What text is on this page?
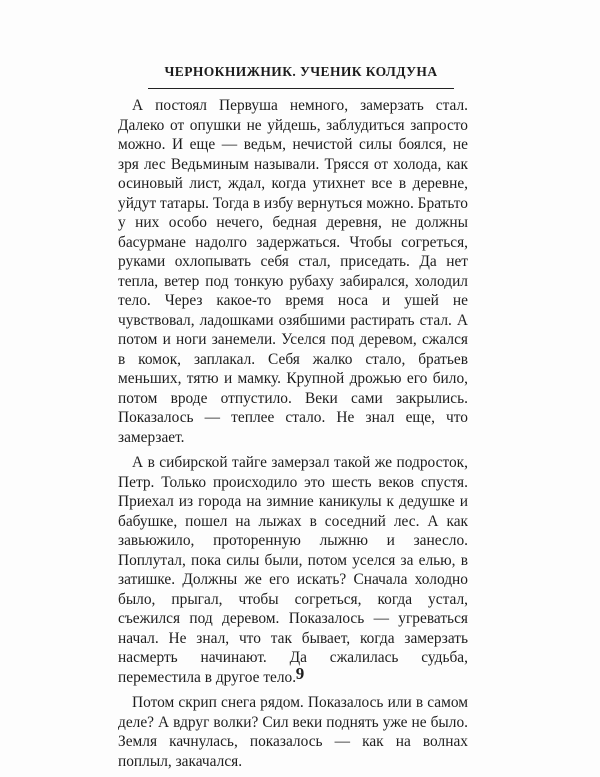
ЧЕРНОКНИЖНИК. УЧЕНИК КОЛДУНА

А постоял Первуша немного, замерзать стал. Далеко от опушки не уйдешь, заблудиться запросто можно. И еще — ведьм, нечистой силы боялся, не зря лес Ведьминым называли. Трясся от холода, как осиновый лист, ждал, когда утихнет все в деревне, уйдут татары. Тогда в избу вернуться можно. Братьто у них особо нечего, бедная деревня, не должны басурмане надолго задержаться. Чтобы согреться, руками охлопывать себя стал, приседать. Да нет тепла, ветер под тонкую рубаху забирался, холодил тело. Через какое-то время носа и ушей не чувствовал, ладошками озябшими растирать стал. А потом и ноги занемели. Уселся под деревом, сжался в комок, заплакал. Себя жалко стало, братьев меньших, тятю и мамку. Крупной дрожью его било, потом вроде отпустило. Веки сами закрылись. Показалось — теплее стало. Не знал еще, что замерзает.

А в сибирской тайге замерзал такой же подросток, Петр. Только происходило это шесть веков спустя. Приехал из города на зимние каникулы к дедушке и бабушке, пошел на лыжах в соседний лес. А как завьюжило, проторенную лыжню и занесло. Поплутал, пока силы были, потом уселся за елью, в затишке. Должны же его искать? Сначала холодно было, прыгал, чтобы согреться, когда устал, съежился под деревом. Показалось — угреваться начал. Не знал, что так бывает, когда замерзать насмерть начинают. Да сжалилась судьба, переместила в другое тело.

Потом скрип снега рядом. Показалось или в самом деле? А вдруг волки? Сил веки поднять уже не было. Земля качнулась, показалось — как на волнах поплыл, закачался.

9
